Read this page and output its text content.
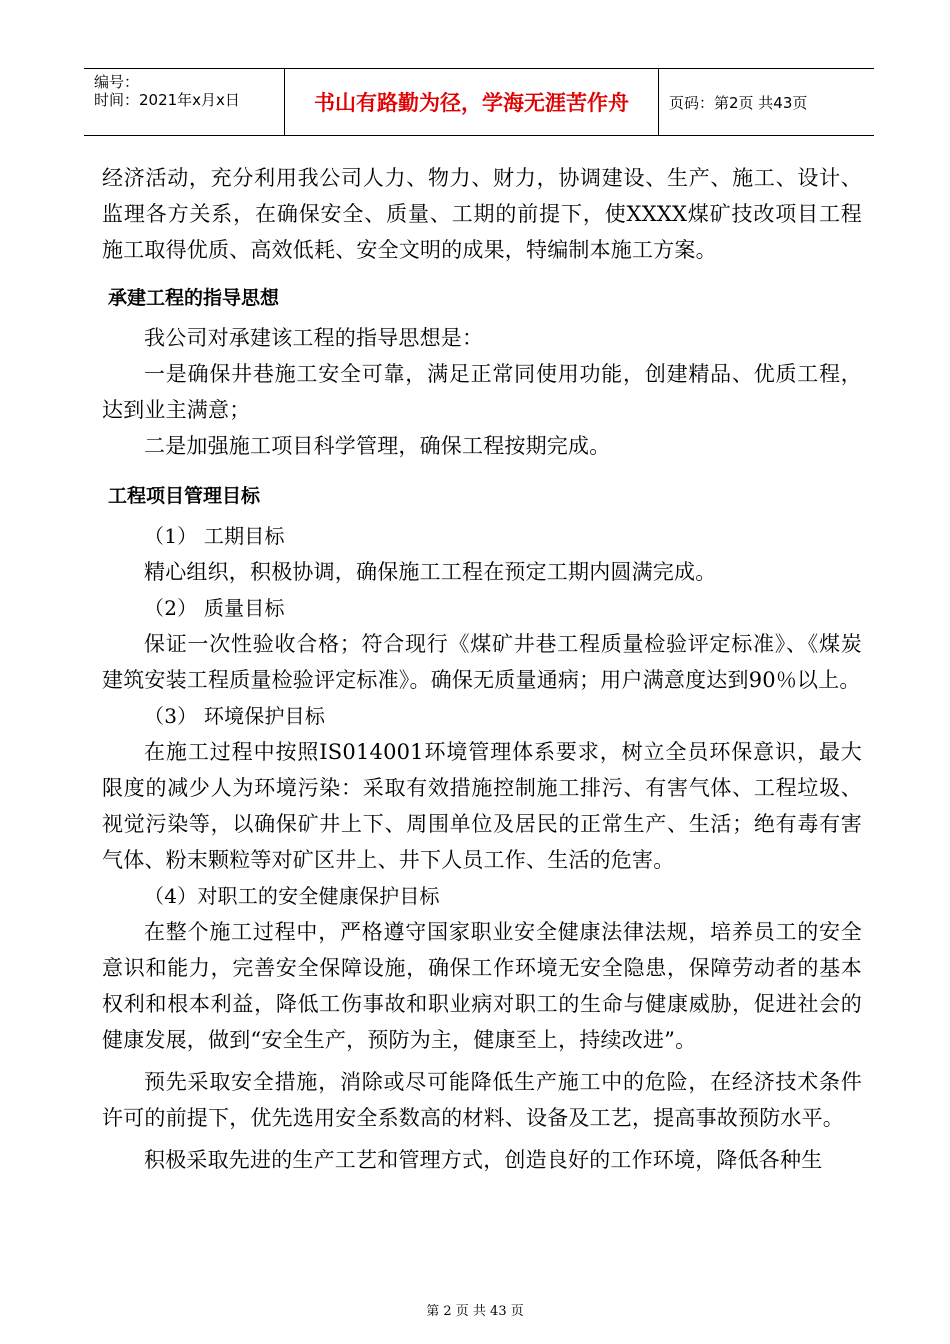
编号：
时间：2021年x月x日	书山有路勤为径，学海无涯苦作舟	页码：第2页 共43页

经济活动，充分利用我公司人力、物力、财力，协调建设、生产、施工、设计、监理各方关系，在确保安全、质量、工期的前提下，使XXXX煤矿技改项目工程施工取得优质、高效低耗、安全文明的成果，特编制本施工方案。

承建工程的指导思想

我公司对承建该工程的指导思想是：

一是确保井巷施工安全可靠，满足正常同使用功能，创建精品、优质工程，达到业主满意；

二是加强施工项目科学管理，确保工程按期完成。

工程项目管理目标

（1） 工期目标

精心组织，积极协调，确保施工工程在预定工期内圆满完成。

（2） 质量目标

保证一次性验收合格；符合现行《煤矿井巷工程质量检验评定标准》、《煤炭建筑安装工程质量检验评定标准》。确保无质量通病；用户满意度达到90％以上。

（3） 环境保护目标

在施工过程中按照IS014001环境管理体系要求，树立全员环保意识，最大限度的减少人为环境污染：采取有效措施控制施工排污、有害气体、工程垃圾、视觉污染等，以确保矿井上下、周围单位及居民的正常生产、生活；绝有毒有害气体、粉末颗粒等对矿区井上、井下人员工作、生活的危害。

（4）对职工的安全健康保护目标

在整个施工过程中，严格遵守国家职业安全健康法律法规，培养员工的安全意识和能力，完善安全保障设施，确保工作环境无安全隐患，保障劳动者的基本权利和根本利益，降低工伤事故和职业病对职工的生命与健康威胁，促进社会的健康发展，做到“安全生产，预防为主，健康至上，持续改进”。

预先采取安全措施，消除或尽可能降低生产施工中的危险，在经济技术条件许可的前提下，优先选用安全系数高的材料、设备及工艺，提高事故预防水平。

积极采取先进的生产工艺和管理方式，创造良好的工作环境，降低各种生

第 2 页 共 43 页
